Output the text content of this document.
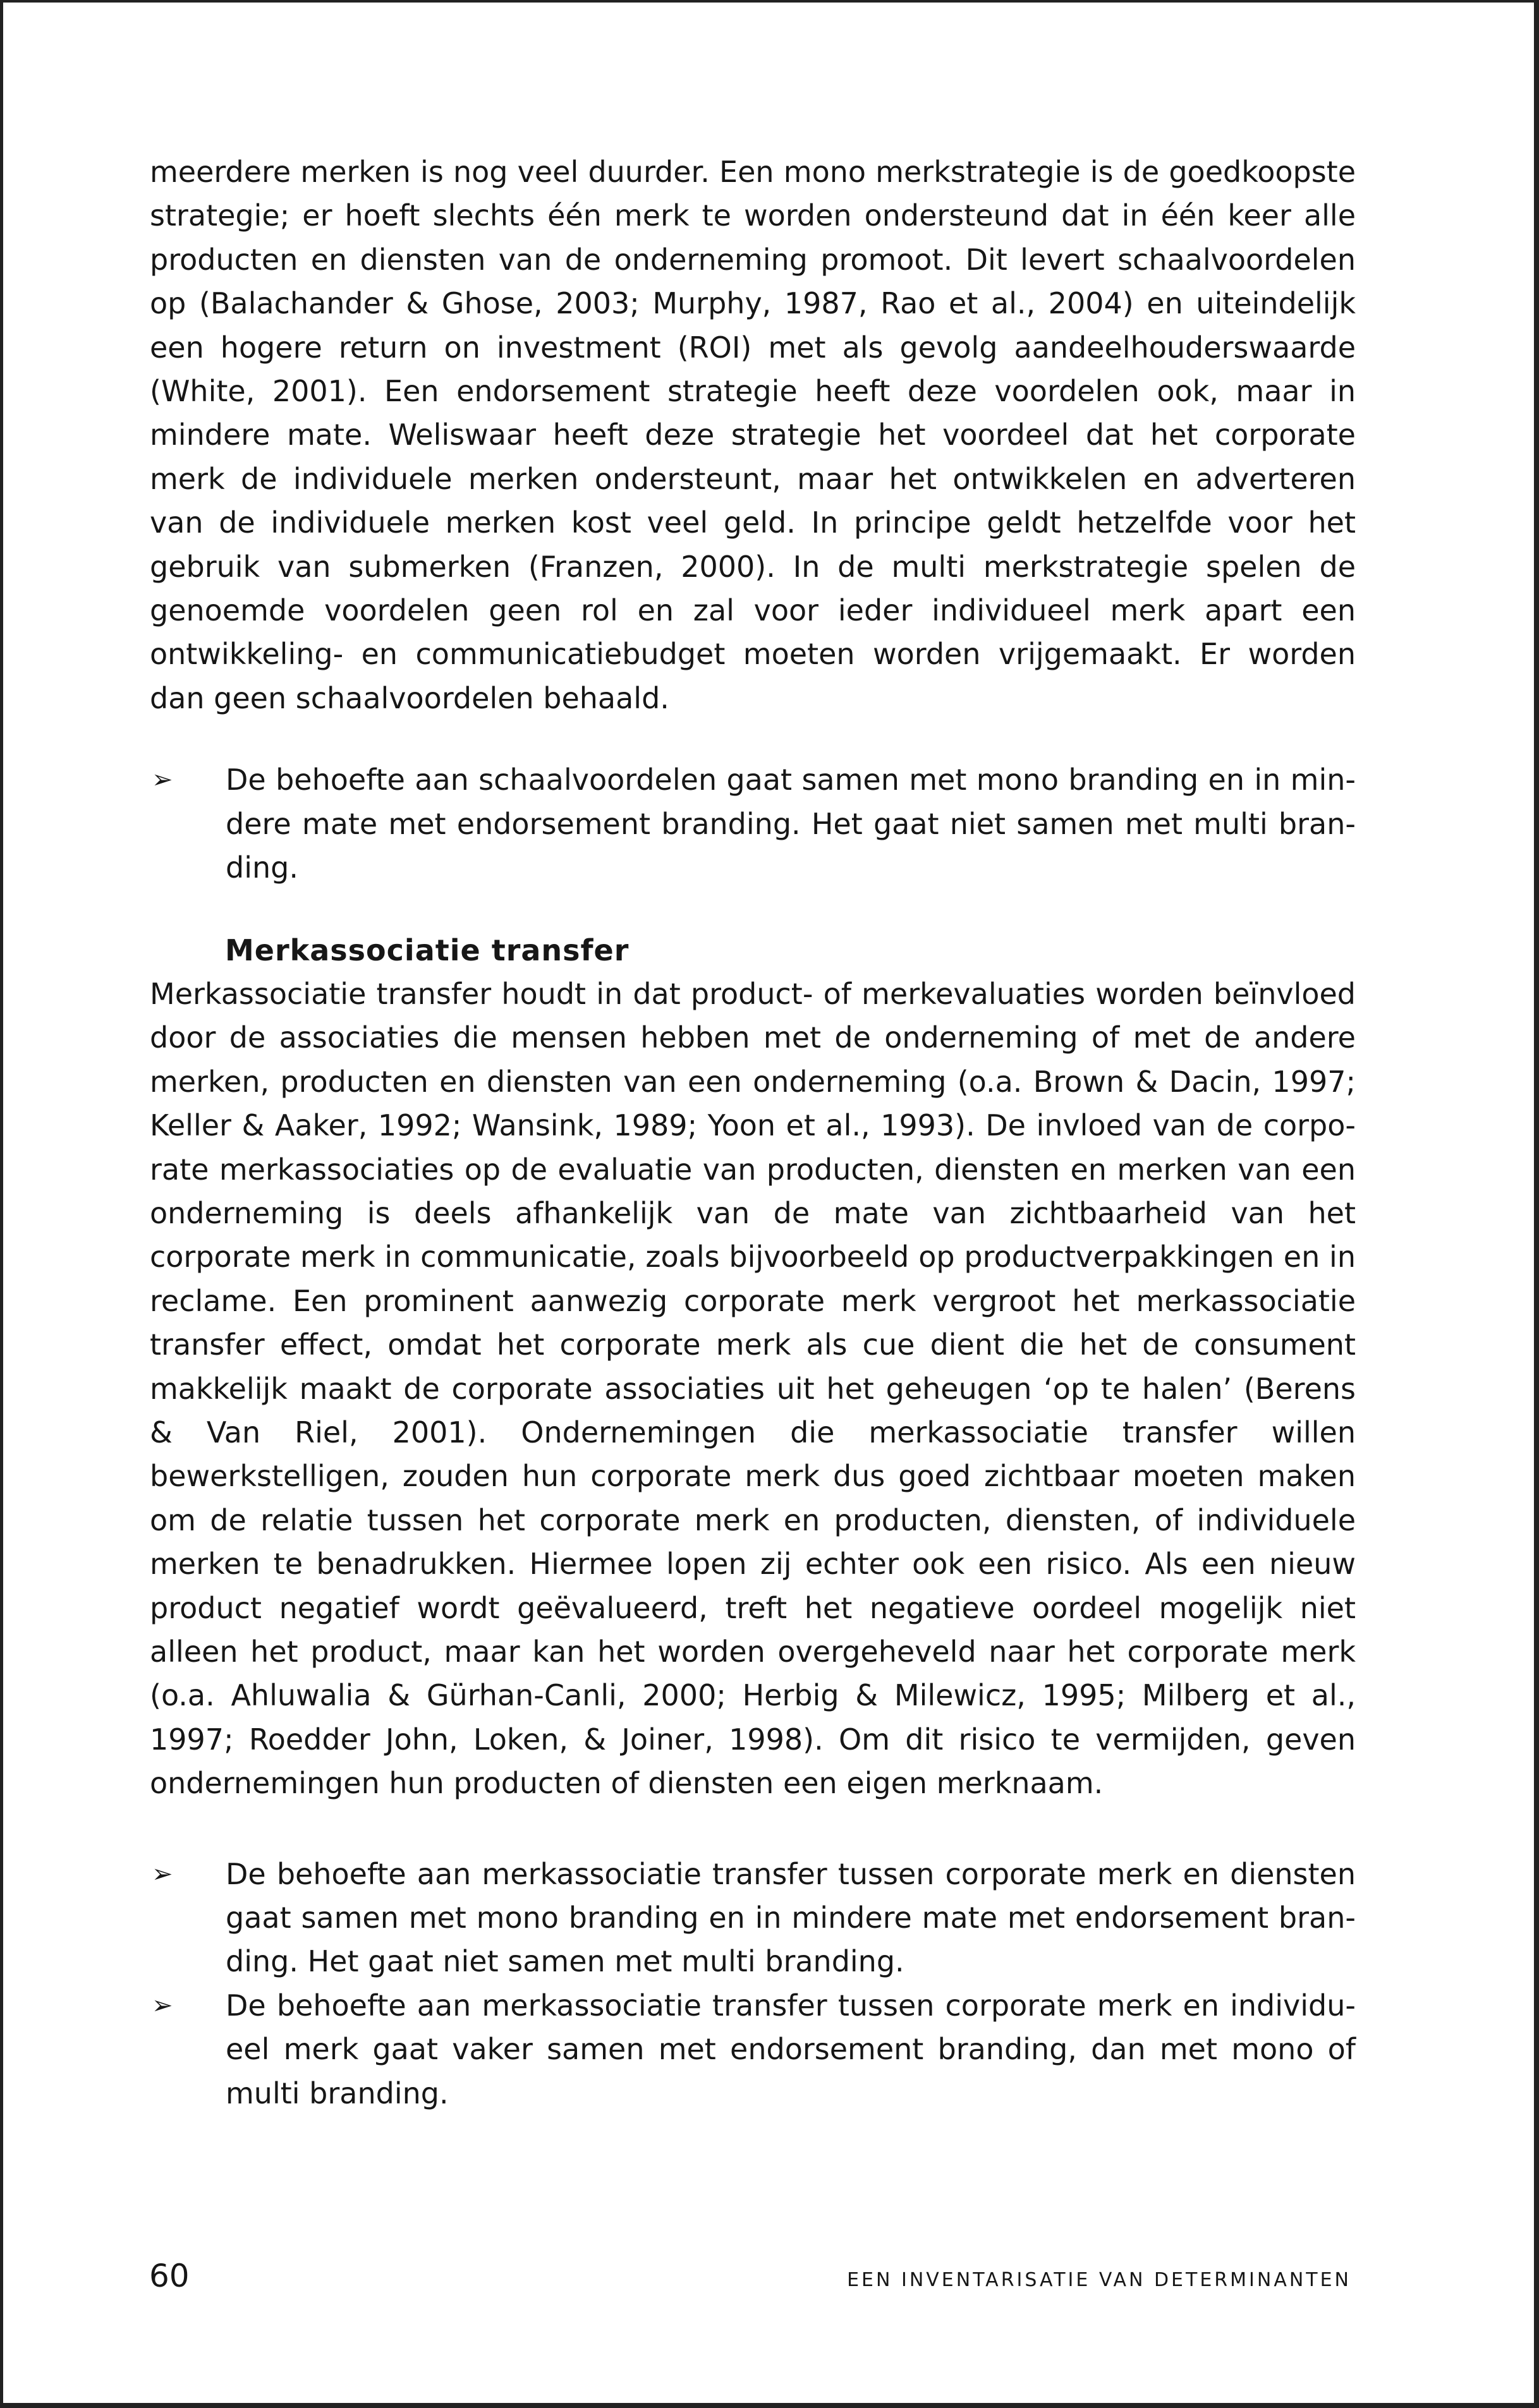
meerdere merken is nog veel duurder. Een mono merkstrategie is de goedkoopste strategie; er hoeft slechts één merk te worden ondersteund dat in één keer alle producten en diensten van de onderneming promoot. Dit levert schaalvoordelen op (Balachander & Ghose, 2003; Murphy, 1987, Rao et al., 2004) en uiteindelijk een hogere return on investment (ROI) met als gevolg aandeelhouderswaarde (White, 2001). Een endorsement strategie heeft deze voordelen ook, maar in mindere mate. Weliswaar heeft deze strategie het voordeel dat het corporate merk de individuele merken ondersteunt, maar het ontwikkelen en adverteren van de individuele merken kost veel geld. In principe geldt hetzelfde voor het gebruik van submerken (Franzen, 2000). In de multi merkstrategie spelen de genoemde voordelen geen rol en zal voor ieder individueel merk apart een ontwikkeling- en communicatiebudget moeten worden vrijgemaakt. Er worden dan geen schaalvoordelen behaald.

➢	De behoefte aan schaalvoordelen gaat samen met mono branding en in mindere mate met endorsement branding. Het gaat niet samen met multi branding.

Merkassociatie transfer

Merkassociatie transfer houdt in dat product- of merkevaluaties worden beïnvloed door de associaties die mensen hebben met de onderneming of met de andere merken, producten en diensten van een onderneming (o.a. Brown & Dacin, 1997; Keller & Aaker, 1992; Wansink, 1989; Yoon et al., 1993). De invloed van de corporate merkassociaties op de evaluatie van producten, diensten en merken van een onderneming is deels afhankelijk van de mate van zichtbaarheid van het corporate merk in communicatie, zoals bijvoorbeeld op productverpakkingen en in reclame. Een prominent aanwezig corporate merk vergroot het merkassociatie transfer effect, omdat het corporate merk als cue dient die het de consument makkelijk maakt de corporate associaties uit het geheugen ‘op te halen’ (Berens & Van Riel, 2001). Ondernemingen die merkassociatie transfer willen bewerkstelligen, zouden hun corporate merk dus goed zichtbaar moeten maken om de relatie tussen het corporate merk en producten, diensten, of individuele merken te benadrukken. Hiermee lopen zij echter ook een risico. Als een nieuw product negatief wordt geëvalueerd, treft het negatieve oordeel mogelijk niet alleen het product, maar kan het worden overgeheveld naar het corporate merk (o.a. Ahluwalia & Gürhan-Canli, 2000; Herbig & Milewicz, 1995; Milberg et al., 1997; Roedder John, Loken, & Joiner, 1998). Om dit risico te vermijden, geven ondernemingen hun producten of diensten een eigen merknaam.

➢	De behoefte aan merkassociatie transfer tussen corporate merk en diensten gaat samen met mono branding en in mindere mate met endorsement branding. Het gaat niet samen met multi branding.

➢	De behoefte aan merkassociatie transfer tussen corporate merk en individueel merk gaat vaker samen met endorsement branding, dan met mono of multi branding.

60	EEN INVENTARISATIE VAN DETERMINANTEN
